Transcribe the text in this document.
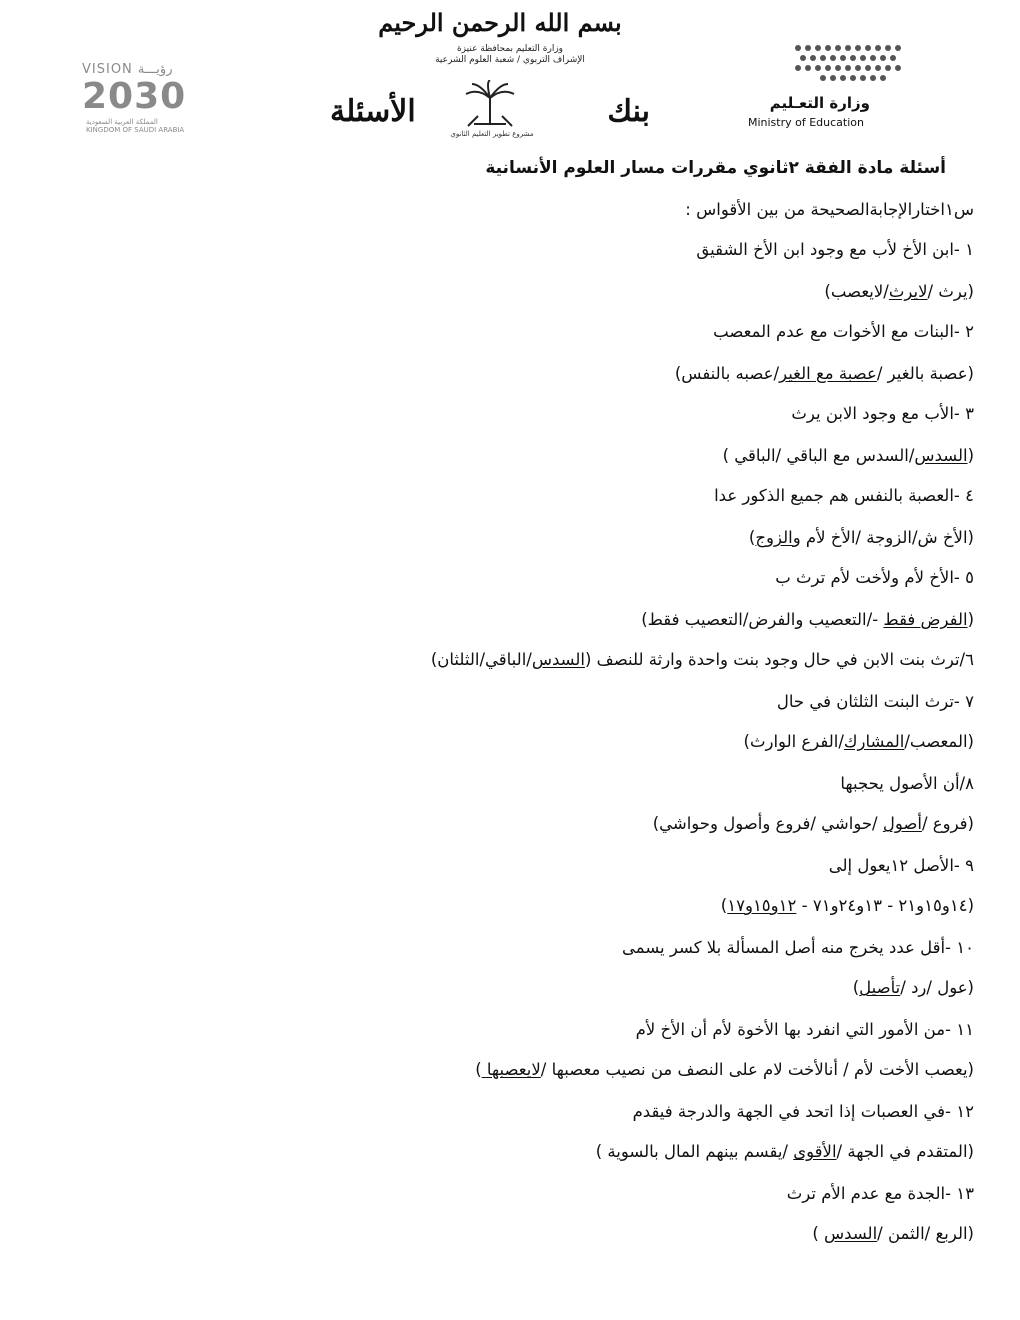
بسم الله الرحمن الرحيم
وزارة التعليم بمحافظة عنيزة
الإشراف التربوي / شعبة العلوم الشرعية
وزارة التعـليم
Ministry of Education
بنك
مشروع تطوير التعليم الثانوي
الأسئلة
VISION رؤيـــة
2030
المملكة العربية السعودية
KINGDOM OF SAUDI ARABIA
أسئلة مادة الفقة ٢ثانوي مقررات مسار العلوم الأنسانية
س١اختارالإجابةالصحيحة من بين الأقواس :
١ -ابن الأخ لأب مع وجود ابن الأخ الشقيق
(يرث /لايرث/لايعصب)
٢ -البنات مع الأخوات مع عدم المعصب
(عصبة بالغير /عصبة مع الغير/عصبه بالنفس)
٣ -الأب مع وجود الابن يرث
(السدس/السدس مع الباقي /الباقي )
٤ -العصبة بالنفس هم جميع الذكور عدا
(الأخ ش/الزوجة /الأخ لأم والزوج)
٥ -الأخ لأم ولأخت لأم ترث ب
(الفرض فقط -/التعصيب والفرض/التعصيب فقط)
٦/ترث بنت الابن في حال وجود بنت واحدة وارثة للنصف (السدس/الباقي/الثلثان)
٧ -ترث البنت الثلثان في حال
(المعصب/المشارك/الفرع الوارث)
٨/أن الأصول يحجبها
(فروع /أصول /حواشي /فروع وأصول وحواشي)
٩ -الأصل ١٢يعول إلى
(١٤و١٥و٢١ - ١٣و٢٤و٧١ - ١٢و١٥و١٧)
١٠ -أقل عدد يخرج منه أصل المسألة بلا كسر يسمى
(عول /رد /تأصيل)
١١ -من الأمور التي انفرد بها الأخوة لأم أن الأخ لأم
(يعصب الأخت لأم / أنالأخت لام على النصف من نصيب معصبها /لايعصبها )
١٢ -في العصبات إذا اتحد في الجهة والدرجة فيقدم
(المتقدم في الجهة /الأقوى /يقسم بينهم المال بالسوية )
١٣ -الجدة مع عدم الأم ترث
(الربع /الثمن /السدس )
